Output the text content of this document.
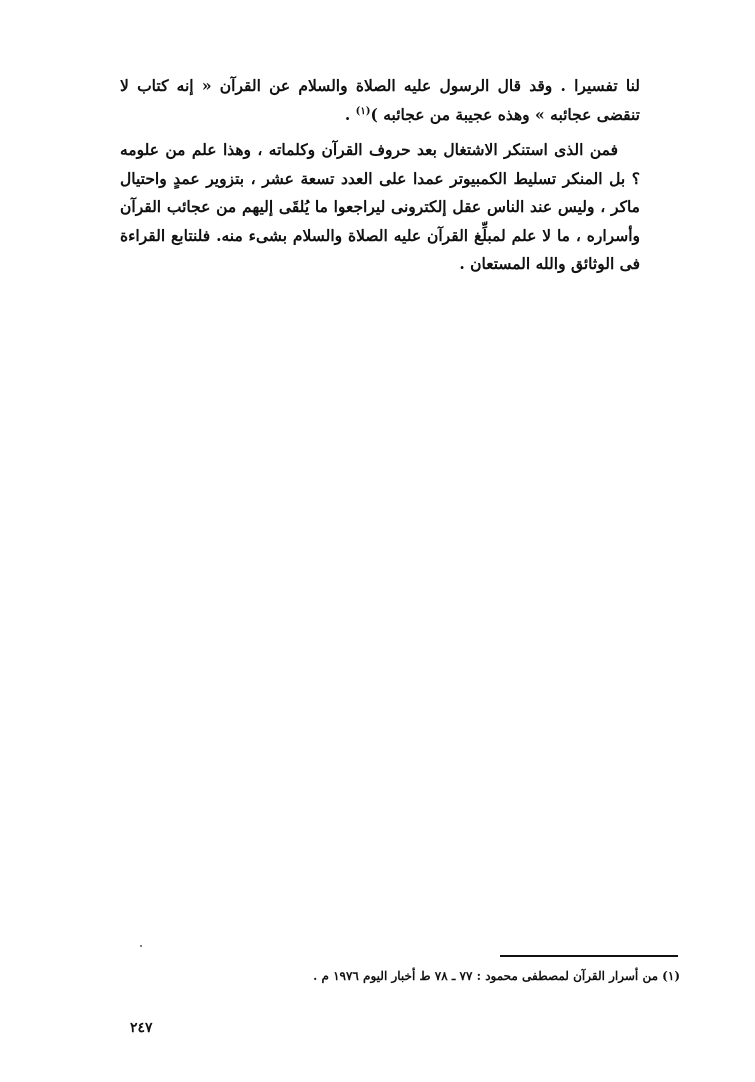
لنا تفسيرا . وقد قال الرسول عليه الصلاة والسلام عن القرآن « إنه كتاب لا تنقضى عجائبه » وهذه عجيبة من عجائبه )$^{(١)}$ .

فمن الذى استنكر الاشتغال بعد حروف القرآن وكلماته ، وهذا علم من علومه ؟ بل المنكر تسليط الكمبيوتر عمدا على العدد تسعة عشر ، بتزوير عمدٍ واحتيال ماكر ، وليس عند الناس عقل إلكترونى ليراجعوا ما يُلقَى إليهم من عجائب القرآن وأسراره ، ما لا علم لمبلِّغ القرآن عليه الصلاة والسلام بشىء منه. فلنتابع القراءة فى الوثائق والله المستعان .

(١) من أسرار القرآن لمصطفى محمود : ٧٧ ـ ٧٨ ط أخبار اليوم ١٩٧٦ م .
٢٤٧
